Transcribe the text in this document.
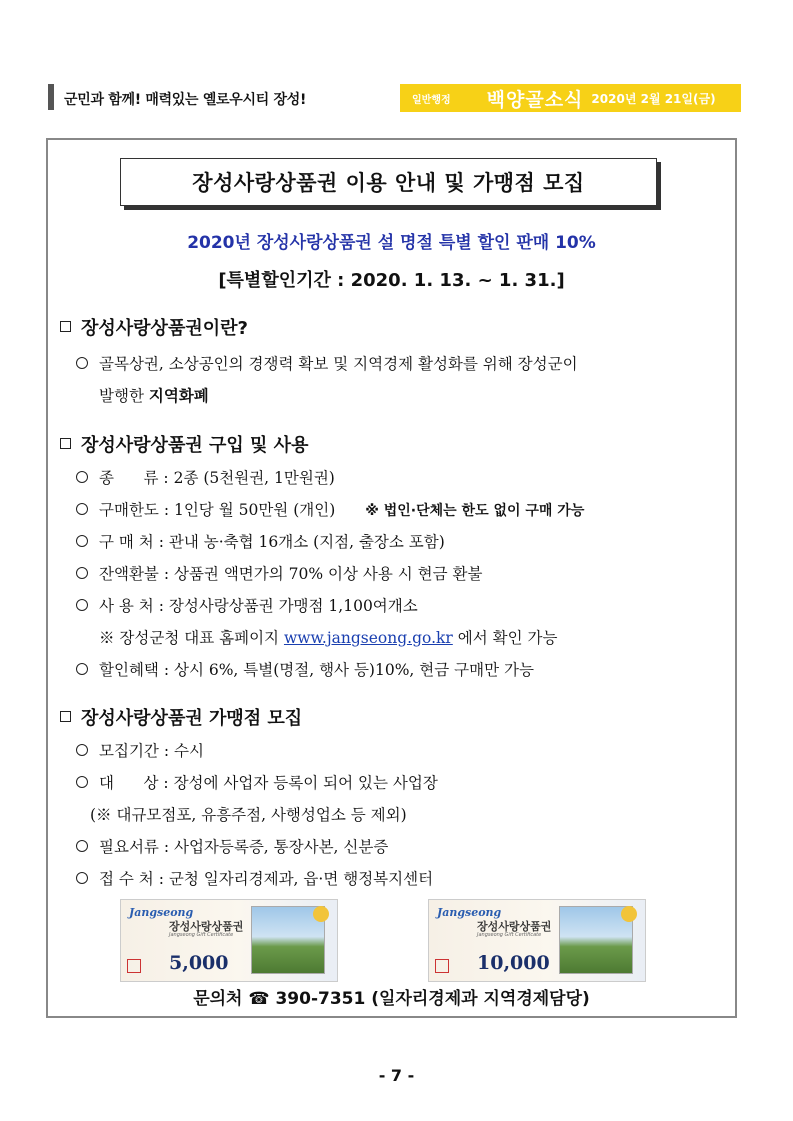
군민과 함께! 매력있는 옐로우시티 장성!	일반행정 백양골소식 2020년 2월 21일(금)
장성사랑상품권 이용 안내 및 가맹점 모집
2020년 장성사랑상품권 설 명절 특별 할인 판매 10%
[특별할인기간 : 2020. 1. 13. ~ 1. 31.]
장성사랑상품권이란?
골목상권, 소상공인의 경쟁력 확보 및 지역경제 활성화를 위해 장성군이
발행한 지역화폐
장성사랑상품권 구입 및 사용
종      류 : 2종 (5천원권, 1만원권)
구매한도 : 1인당 월 50만원 (개인) ※ 법인·단체는 한도 없이 구매 가능
구 매 처 : 관내 농·축협 16개소 (지점, 출장소 포함)
잔액환불 : 상품권 액면가의 70% 이상 사용 시 현금 환불
사 용 처 : 장성사랑상품권 가맹점 1,100여개소
※ 장성군청 대표 홈페이지 www.jangseong.go.kr 에서 확인 가능
할인혜택 : 상시 6%, 특별(명절, 행사 등)10%, 현금 구매만 가능
장성사랑상품권 가맹점 모집
모집기간 : 수시
대      상 : 장성에 사업자 등록이 되어 있는 사업장
(※ 대규모점포, 유흥주점, 사행성업소 등 제외)
필요서류 : 사업자등록증, 통장사본, 신분증
접 수 처 : 군청 일자리경제과, 읍·면 행정복지센터
Jangseong
장성사랑상품권
Jangseong Gift Certificate
5,000
Jangseong
장성사랑상품권
Jangseong Gift Certificate
10,000
문의처 ☎ 390-7351 (일자리경제과 지역경제담당)
- 7 -
